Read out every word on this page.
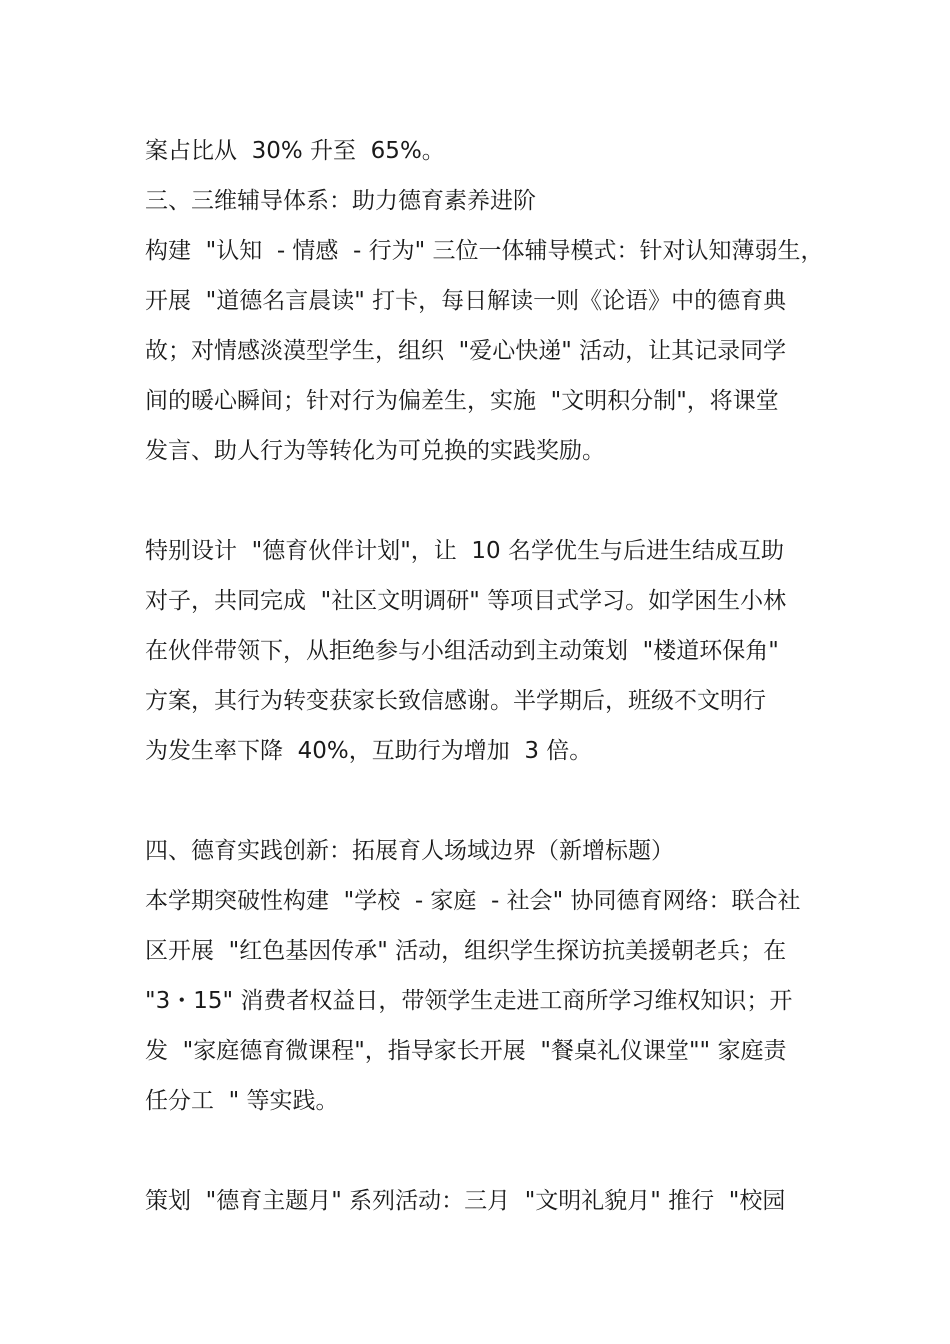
案占比从  30% 升至  65%。
三、三维辅导体系：助力德育素养进阶
构建  "认知  - 情感  - 行为" 三位一体辅导模式：针对认知薄弱生，
开展  "道德名言晨读" 打卡，每日解读一则《论语》中的德育典
故；对情感淡漠型学生，组织  "爱心快递" 活动，让其记录同学
间的暖心瞬间；针对行为偏差生，实施  "文明积分制"，将课堂
发言、助人行为等转化为可兑换的实践奖励。
特别设计  "德育伙伴计划"，让  10 名学优生与后进生结成互助
对子，共同完成  "社区文明调研" 等项目式学习。如学困生小林
在伙伴带领下，从拒绝参与小组活动到主动策划  "楼道环保角"
方案，其行为转变获家长致信感谢。半学期后，班级不文明行
为发生率下降  40%，互助行为增加  3 倍。
四、德育实践创新：拓展育人场域边界（新增标题）
本学期突破性构建  "学校  - 家庭  - 社会" 协同德育网络：联合社
区开展  "红色基因传承" 活动，组织学生探访抗美援朝老兵；在
"3・15" 消费者权益日，带领学生走进工商所学习维权知识；开
发  "家庭德育微课程"，指导家长开展  "餐桌礼仪课堂"" 家庭责
任分工  " 等实践。
策划  "德育主题月" 系列活动：三月  "文明礼貌月" 推行  "校园
